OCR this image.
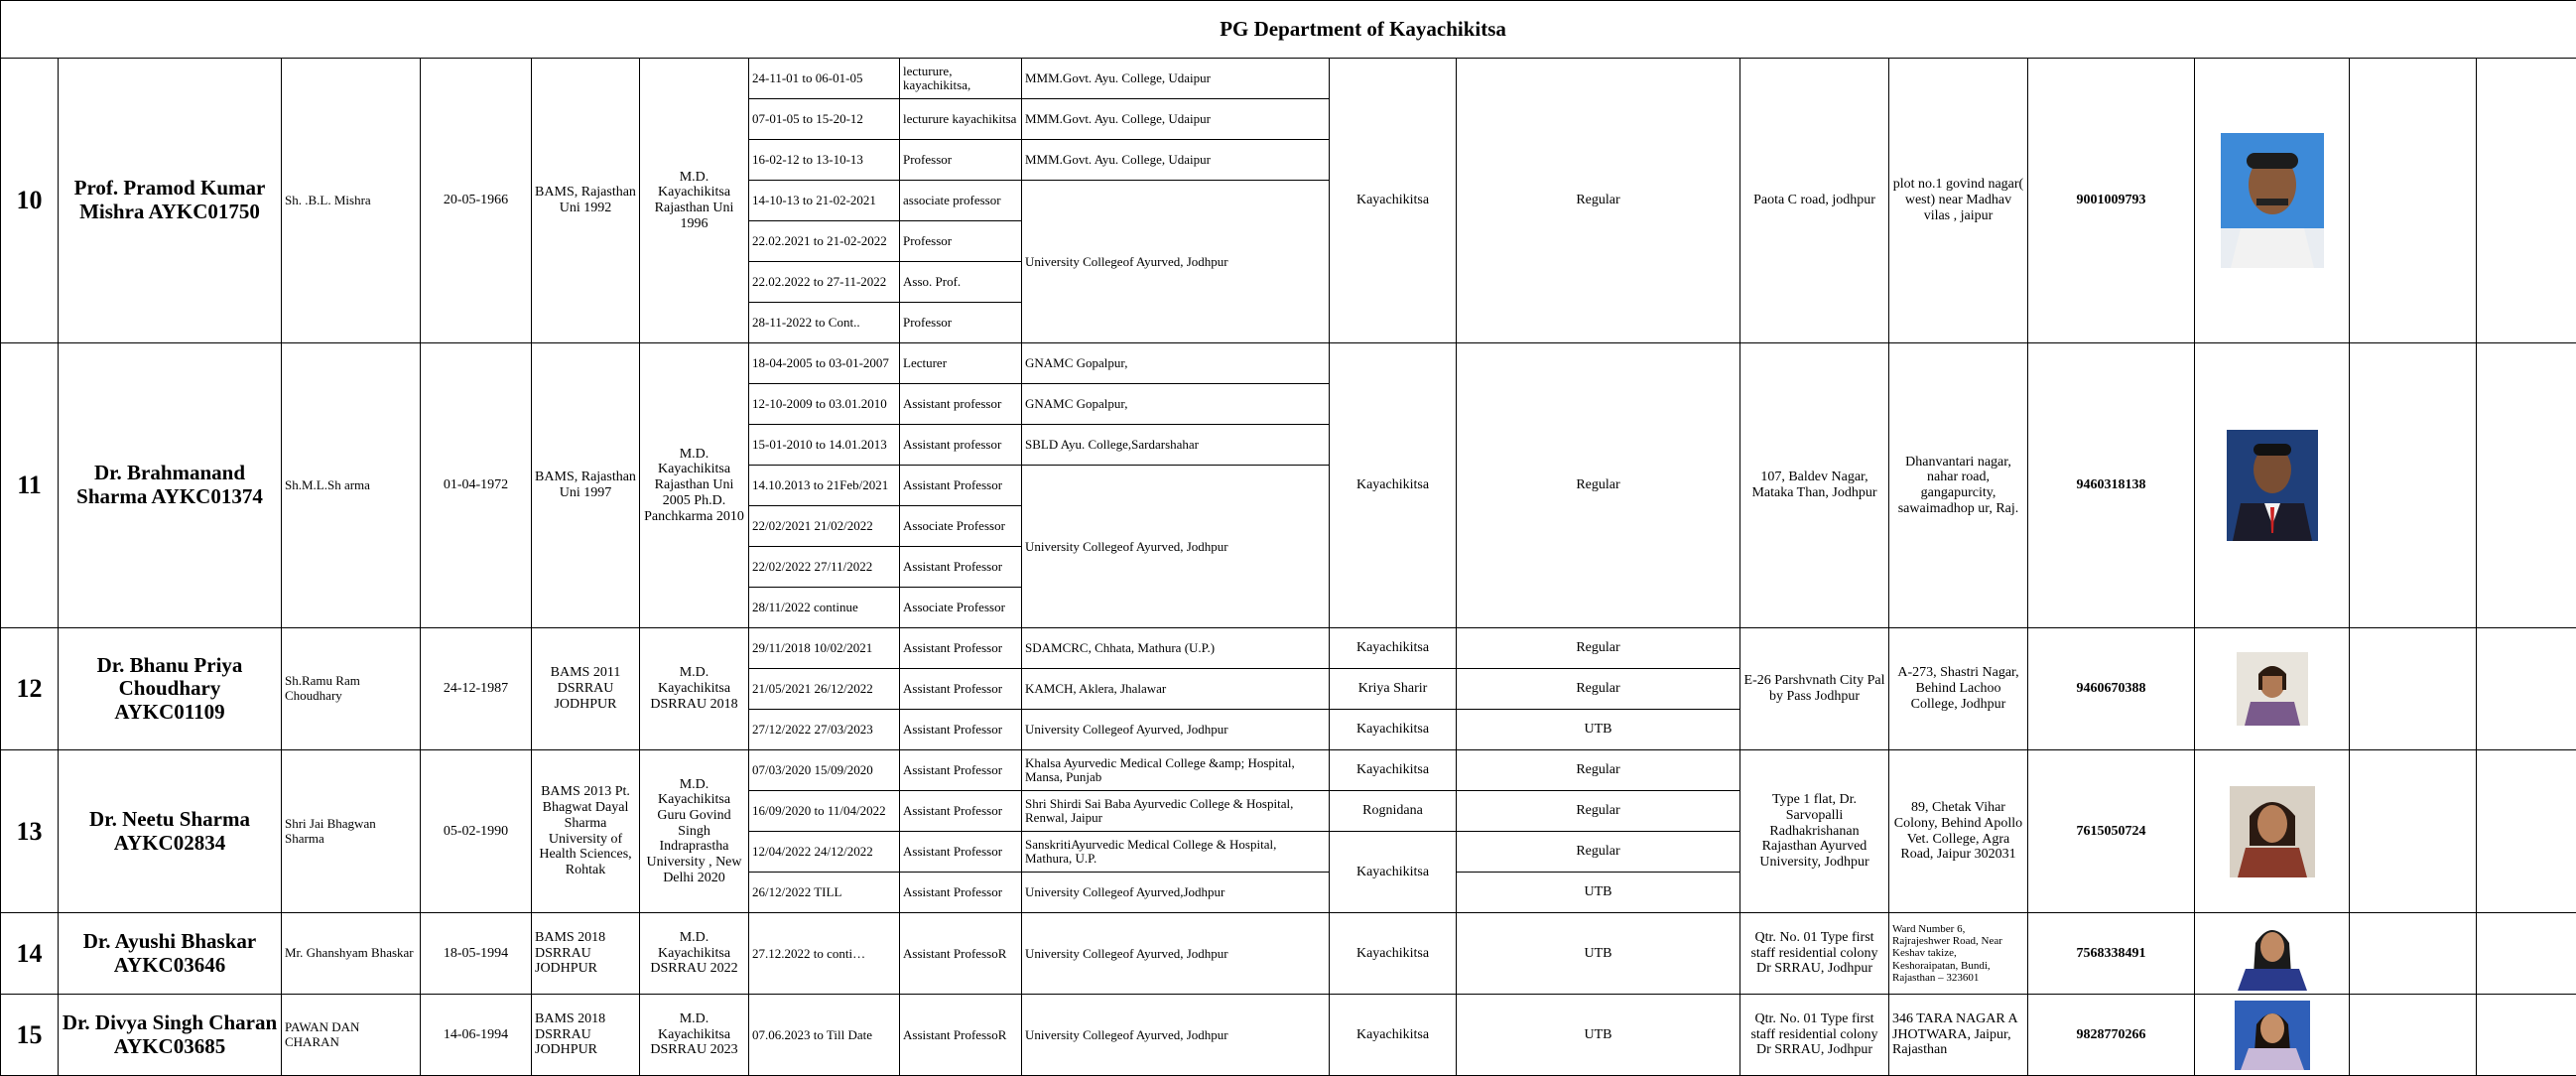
PG Department of Kayachikitsa																	
10	Prof. Pramod Kumar Mishra AYKC01750	Sh. .B.L. Mishra	20-05-1966	BAMS, Rajasthan Uni 1992	M.D. Kayachikitsa Rajasthan Uni 1996	24-11-01 to 06-01-05	lecturure, kayachikitsa,	MMM.Govt. Ayu. College, Udaipur	Kayachikitsa	Regular	Paota C road, jodhpur	plot no.1 govind nagar( west) near Madhav vilas , jaipur	9001009793	

						07-01-05 to 15-20-12	lecturure kayachikitsa	MMM.Govt. Ayu. College, Udaipur									
						16-02-12 to 13-10-13	Professor	MMM.Govt. Ayu. College, Udaipur									
						14-10-13 to 21-02-2021	associate professor	University Collegeof Ayurved, Jodhpur									
						22.02.2021 to 21-02-2022	Professor										
						22.02.2022 to 27-11-2022	Asso. Prof.										
						28-11-2022 to Cont..	Professor										
11	Dr. Brahmanand Sharma AYKC01374	Sh.M.L.Sh arma	01-04-1972	BAMS, Rajasthan Uni 1997	M.D. Kayachikitsa Rajasthan Uni 2005 Ph.D. Panchkarma 2010	18-04-2005 to 03-01-2007	Lecturer	GNAMC Gopalpur,	Kayachikitsa	Regular	107, Baldev Nagar, Mataka Than, Jodhpur	Dhanvantari nagar, nahar road, gangapurcity, sawaimadhop ur, Raj.	9460318138	

						12-10-2009 to 03.01.2010	Assistant professor	GNAMC Gopalpur,									
						15-01-2010 to 14.01.2013	Assistant professor	SBLD Ayu. College,Sardarshahar									
						14.10.2013 to 21Feb/2021	Assistant Professor	University Collegeof Ayurved, Jodhpur									
						22/02/2021 21/02/2022	Associate Professor										
						22/02/2022 27/11/2022	Assistant Professor										
						28/11/2022 continue	Associate Professor										
12	Dr. Bhanu Priya Choudhary AYKC01109	Sh.Ramu Ram Choudhary	24-12-1987	BAMS 2011 DSRRAU JODHPUR	M.D. Kayachikitsa DSRRAU 2018	29/11/2018 10/02/2021	Assistant Professor	SDAMCRC, Chhata, Mathura (U.P.)	Kayachikitsa	Regular	E-26 Parshvnath City Pal by Pass Jodhpur	A-273, Shastri Nagar, Behind Lachoo College, Jodhpur	9460670388	

						21/05/2021 26/12/2022	Assistant Professor	KAMCH, Aklera, Jhalawar	Kriya Sharir	Regular							
						27/12/2022 27/03/2023	Assistant Professor	University Collegeof Ayurved, Jodhpur	Kayachikitsa	UTB							
13	Dr. Neetu Sharma AYKC02834	Shri Jai Bhagwan Sharma	05-02-1990	BAMS 2013 Pt. Bhagwat Dayal Sharma University of Health Sciences, Rohtak	M.D. Kayachikitsa Guru Govind Singh Indraprastha University , New Delhi 2020	07/03/2020 15/09/2020	Assistant Professor	Khalsa Ayurvedic Medical College &amp; Hospital, Mansa, Punjab	Kayachikitsa	Regular	Type 1 flat, Dr. Sarvopalli Radhakrishanan Rajasthan Ayurved University, Jodhpur	89, Chetak Vihar Colony, Behind Apollo Vet. College, Agra Road, Jaipur 302031	7615050724	

						16/09/2020 to 11/04/2022	Assistant Professor	Shri Shirdi Sai Baba Ayurvedic College & Hospital, Renwal, Jaipur	Rognidana	Regular							
						12/04/2022 24/12/2022	Assistant Professor	SanskritiAyurvedic Medical College & Hospital, Mathura, U.P.	Kayachikitsa	Regular							
						26/12/2022 TILL	Assistant Professor	University Collegeof Ayurved,Jodhpur		UTB							
14	Dr. Ayushi Bhaskar AYKC03646	Mr. Ghanshyam Bhaskar	18-05-1994	BAMS 2018 DSRRAU JODHPUR	M.D. Kayachikitsa DSRRAU 2022	27.12.2022 to conti…	Assistant ProfessoR	University Collegeof Ayurved, Jodhpur	Kayachikitsa	UTB	Qtr. No. 01 Type first staff residential colony Dr SRRAU, Jodhpur	Ward Number 6, Rajrajeshwer Road, Near Keshav takize, Keshoraipatan, Bundi, Rajasthan – 323601	7568338491	

15	Dr. Divya Singh Charan AYKC03685	PAWAN DAN CHARAN	14-06-1994	BAMS 2018 DSRRAU JODHPUR	M.D. Kayachikitsa DSRRAU 2023	07.06.2023 to Till Date	Assistant ProfessoR	University Collegeof Ayurved, Jodhpur	Kayachikitsa	UTB	Qtr. No. 01 Type first staff residential colony Dr SRRAU, Jodhpur	346 TARA NAGAR A JHOTWARA, Jaipur, Rajasthan	9828770266	
